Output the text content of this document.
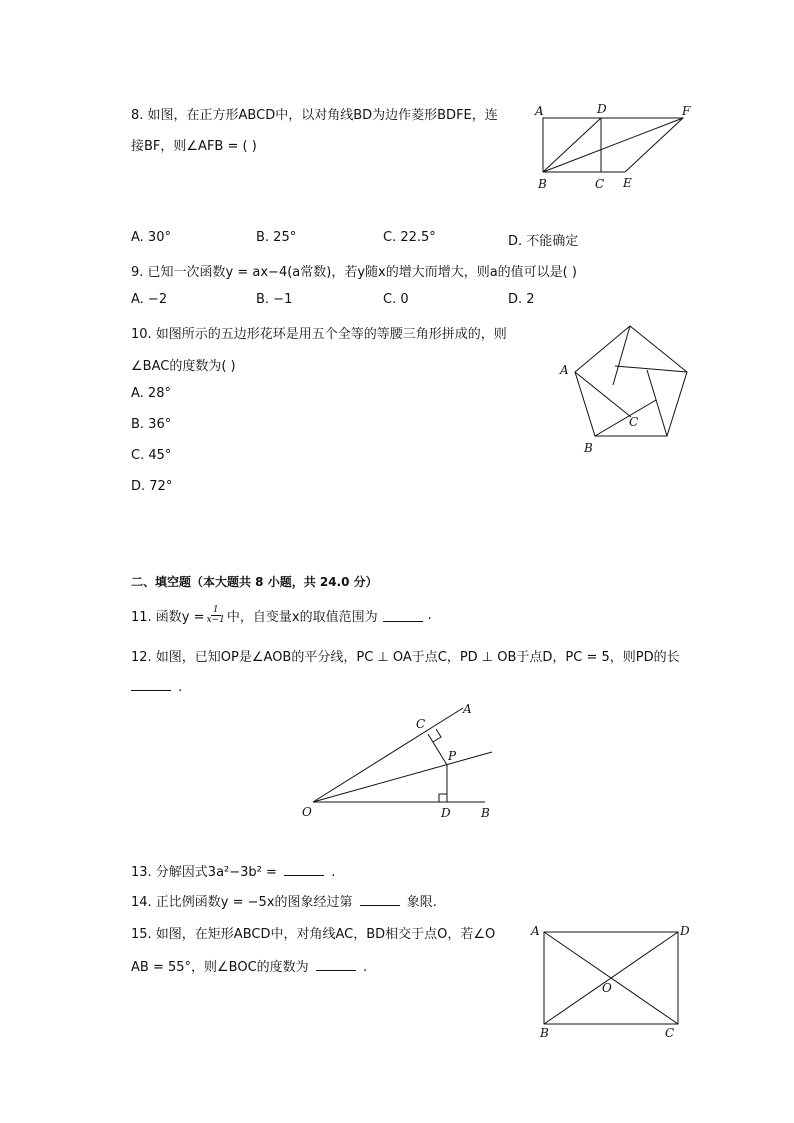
8. 如图，在正方形ABCD中，以对角线BD为边作菱形BDFE，连
接BF，则∠AFB = ( )
A	D	F
B	C E
A. 30°	B. 25°	C. 22.5°	D. 不能确定
9. 已知一次函数y = ax−4(a常数)，若y随x的增大而增大，则a的值可以是( )
A. −2	B. −1	C. 0	D. 2
10. 如图所示的五边形花环是用五个全等的等腰三角形拼成的，则
∠BAC的度数为( )
A. 28°
B. 36°
C. 45°
D. 72°
A
C
B
二、填空题（本大题共 8 小题，共 24.0 分）
11. 函数$y = \frac{1}{x-1}$ 中，自变量x的取值范围为	.
12. 如图，已知OP是∠AOB的平分线，PC ⊥ OA于点C，PD ⊥ OB于点D，PC = 5，则PD的长
.
C
A
P
O	D	B
13. 分解因式3a²−3b² =	.
14. 正比例函数y = −5x的图象经过第	象限.
15. 如图，在矩形ABCD中，对角线AC，BD相交于点O，若∠O
AB = 55°，则∠BOC的度数为	.
A	D
O
B	C
